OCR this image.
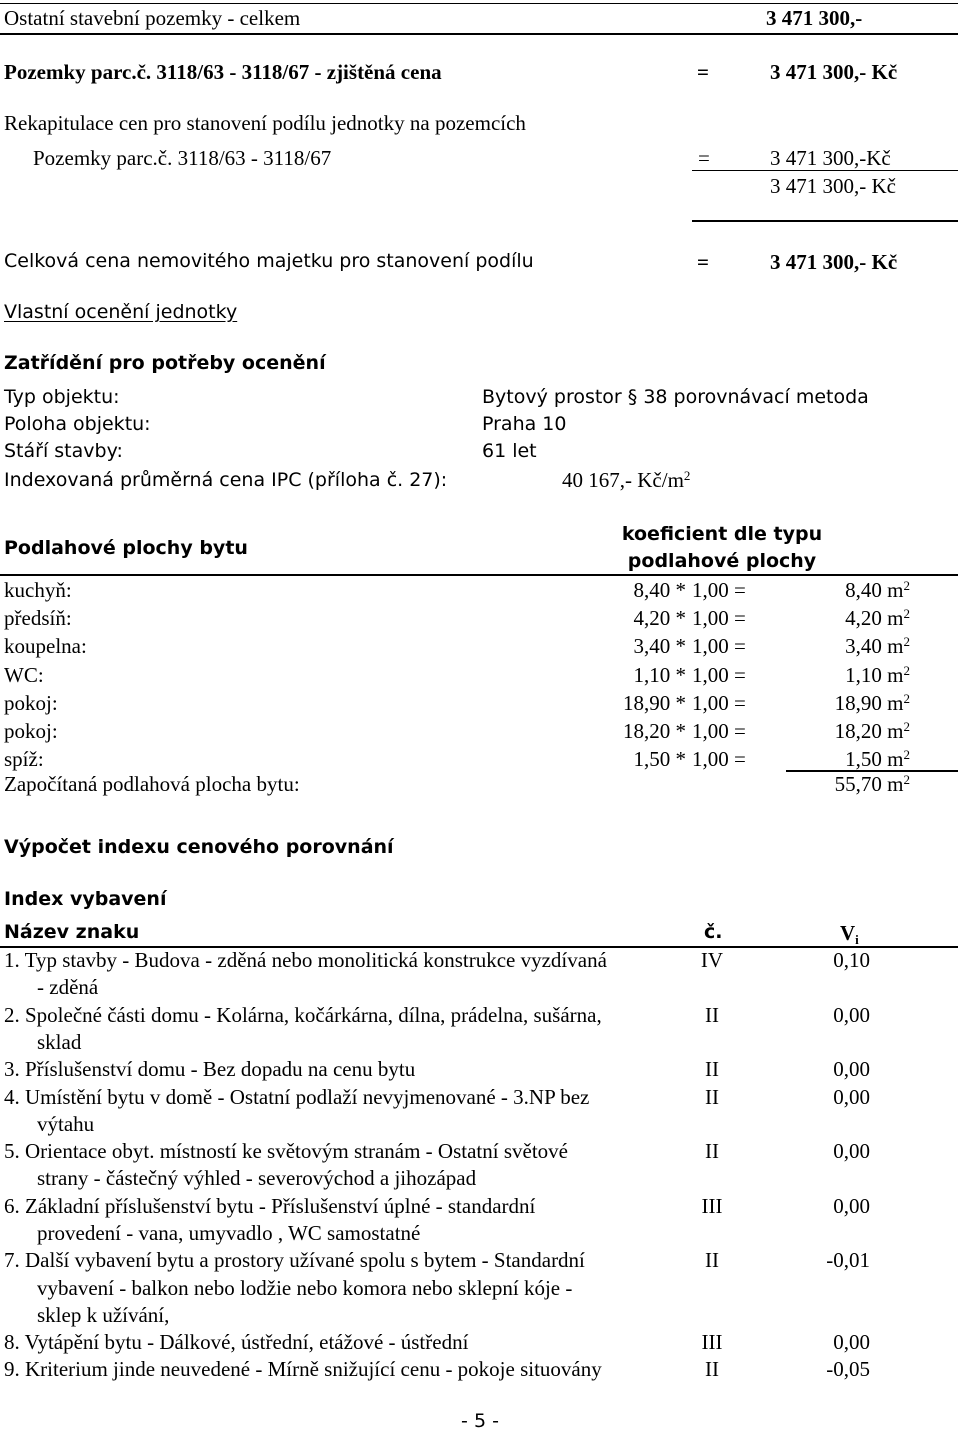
Ostatní stavební pozemky - celkem	3 471 300,-
Pozemky parc.č. 3118/63 - 3118/67 - zjištěná cena	=	3 471 300,- Kč
Rekapitulace cen pro stanovení podílu jednotky na pozemcích
Pozemky parc.č. 3118/63 - 3118/67	=	3 471 300,-Kč
3 471 300,- Kč
Celková cena nemovitého majetku pro stanovení podílu	=	3 471 300,- Kč
Vlastní ocenění jednotky
Zatřídění pro potřeby ocenění
Typ objektu:	Bytový prostor § 38 porovnávací metoda
Poloha objektu:	Praha 10
Stáří stavby:	61 let
Indexovaná průměrná cena IPC (příloha č. 27):	40 167,- $Kč/m^2$
Podlahové plochy bytu
koeficient dle typu
podlahové plochy
kuchyň:	8,40 * 1,00 =	8,40 $m^2$
předsíň:	4,20 * 1,00 =	4,20 $m^2$
koupelna:	3,40 * 1,00 =	3,40 $m^2$
WC:	1,10 * 1,00 =	1,10 $m^2$
pokoj:	18,90 * 1,00 =	18,90 $m^2$
pokoj:	18,20 * 1,00 =	18,20 $m^2$
spíž:	1,50 * 1,00 =	1,50 $m^2$
Započítaná podlahová plocha bytu:	55,70 $m^2$
Výpočet indexu cenového porovnání
Index vybavení
Název znaku	č.	$V_i$
1. Typ stavby - Budova - zděná nebo monolitická konstrukce vyzdívaná	IV	0,10
- zděná
2. Společné části domu - Kolárna, kočárkárna, dílna, prádelna, sušárna,	II	0,00
sklad
3. Příslušenství domu - Bez dopadu na cenu bytu	II	0,00
4. Umístění bytu v domě - Ostatní podlaží nevyjmenované - 3.NP bez	II	0,00
výtahu
5. Orientace obyt. místností ke světovým stranám - Ostatní světové	II	0,00
strany - částečný výhled - severovýchod a jihozápad
6. Základní příslušenství bytu - Příslušenství úplné - standardní	III	0,00
provedení - vana, umyvadlo , WC samostatné
7. Další vybavení bytu a prostory užívané spolu s bytem - Standardní	II	-0,01
vybavení - balkon nebo lodžie nebo komora nebo sklepní kóje -
sklep k užívání,
8. Vytápění bytu - Dálkové, ústřední, etážové - ústřední	III	0,00
9. Kriterium jinde neuvedené - Mírně snižující cenu - pokoje situovány	II	-0,05
- 5 -
